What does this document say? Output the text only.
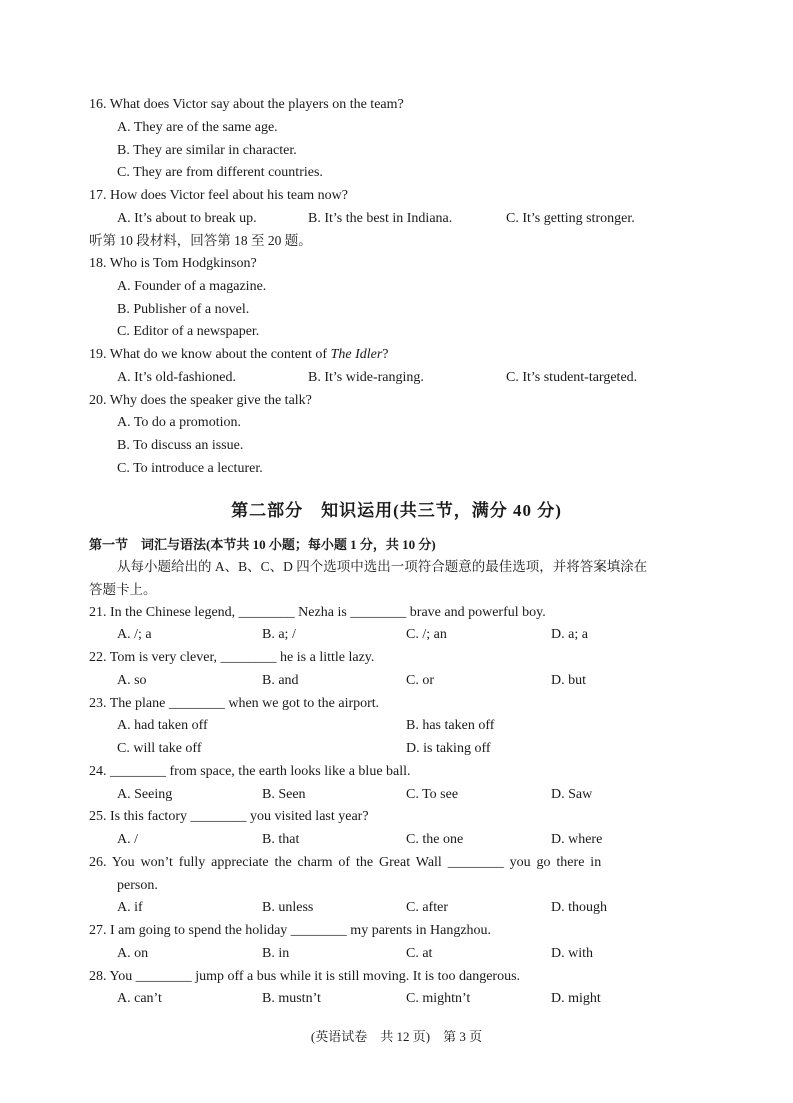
16. What does Victor say about the players on the team?
A. They are of the same age.
B. They are similar in character.
C. They are from different countries.
17. How does Victor feel about his team now?
A. It’s about to break up.	B. It’s the best in Indiana.	C. It’s getting stronger.
听第 10 段材料，回答第 18 至 20 题。
18. Who is Tom Hodgkinson?
A. Founder of a magazine.
B. Publisher of a novel.
C. Editor of a newspaper.
19. What do we know about the content of The Idler?
A. It’s old-fashioned.	B. It’s wide-ranging.	C. It’s student-targeted.
20. Why does the speaker give the talk?
A. To do a promotion.
B. To discuss an issue.
C. To introduce a lecturer.
第二部分　知识运用(共三节，满分 40 分)
第一节　词汇与语法(本节共 10 小题；每小题 1 分，共 10 分)
从每小题给出的 A、B、C、D 四个选项中选出一项符合题意的最佳选项，并将答案填涂在
答题卡上。
21. In the Chinese legend, ________ Nezha is ________ brave and powerful boy.
A. /; a	B. a; /	C. /; an	D. a; a
22. Tom is very clever, ________ he is a little lazy.
A. so	B. and	C. or	D. but
23. The plane ________ when we got to the airport.
A. had taken off	B. has taken off
C. will take off	D. is taking off
24. ________ from space, the earth looks like a blue ball.
A. Seeing	B. Seen	C. To see	D. Saw
25. Is this factory ________ you visited last year?
A. /	B. that	C. the one	D. where
26. You won’t fully appreciate the charm of the Great Wall ________ you go there in
person.
A. if	B. unless	C. after	D. though
27. I am going to spend the holiday ________ my parents in Hangzhou.
A. on	B. in	C. at	D. with
28. You ________ jump off a bus while it is still moving. It is too dangerous.
A. can’t	B. mustn’t	C. mightn’t	D. might
(英语试卷　共 12 页)　第 3 页
